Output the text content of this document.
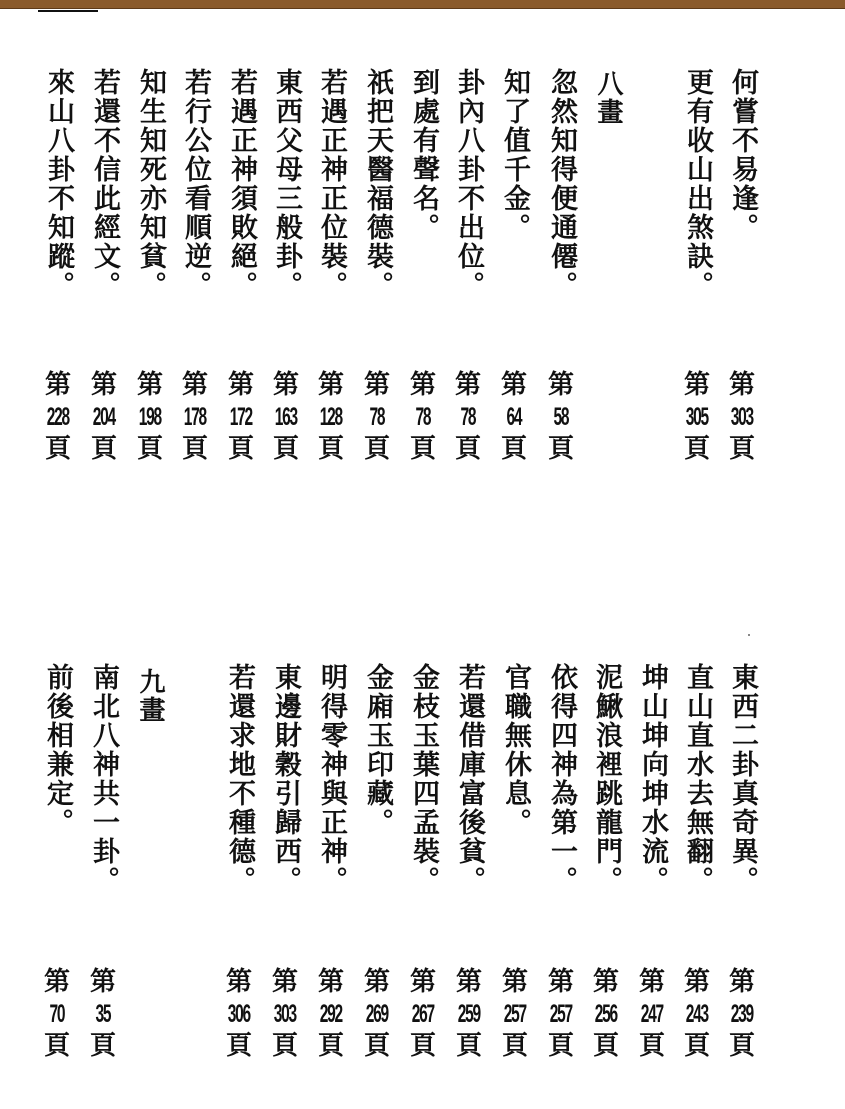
何嘗不易逢。
第
303
頁
更有收山出煞訣。
第
305
頁
八畫
忽然知得便通僊。
第
58
頁
知了值千金。
第
64
頁
卦內八卦不出位。
第
78
頁
到處有聲名。
第
78
頁
祇把天醫福德裝。
第
78
頁
若遇正神正位裝。
第
128
頁
東西父母三般卦。
第
163
頁
若遇正神須敗絕。
第
172
頁
若行公位看順逆。
第
178
頁
知生知死亦知貧。
第
198
頁
若還不信此經文。
第
204
頁
來山八卦不知蹤。
第
228
頁
東西二卦真奇異。
第
239
頁
直山直水去無翻。
第
243
頁
坤山坤向坤水流。
第
247
頁
泥鰍浪裡跳龍門。
第
256
頁
依得四神為第一。
第
257
頁
官職無休息。
第
257
頁
若還借庫富後貧。
第
259
頁
金枝玉葉四孟裝。
第
267
頁
金廂玉印藏。
第
269
頁
明得零神與正神。
第
292
頁
東邊財穀引歸西。
第
303
頁
若還求地不種德。
第
306
頁
九畫
南北八神共一卦。
第
35
頁
前後相兼定。
第
70
頁
